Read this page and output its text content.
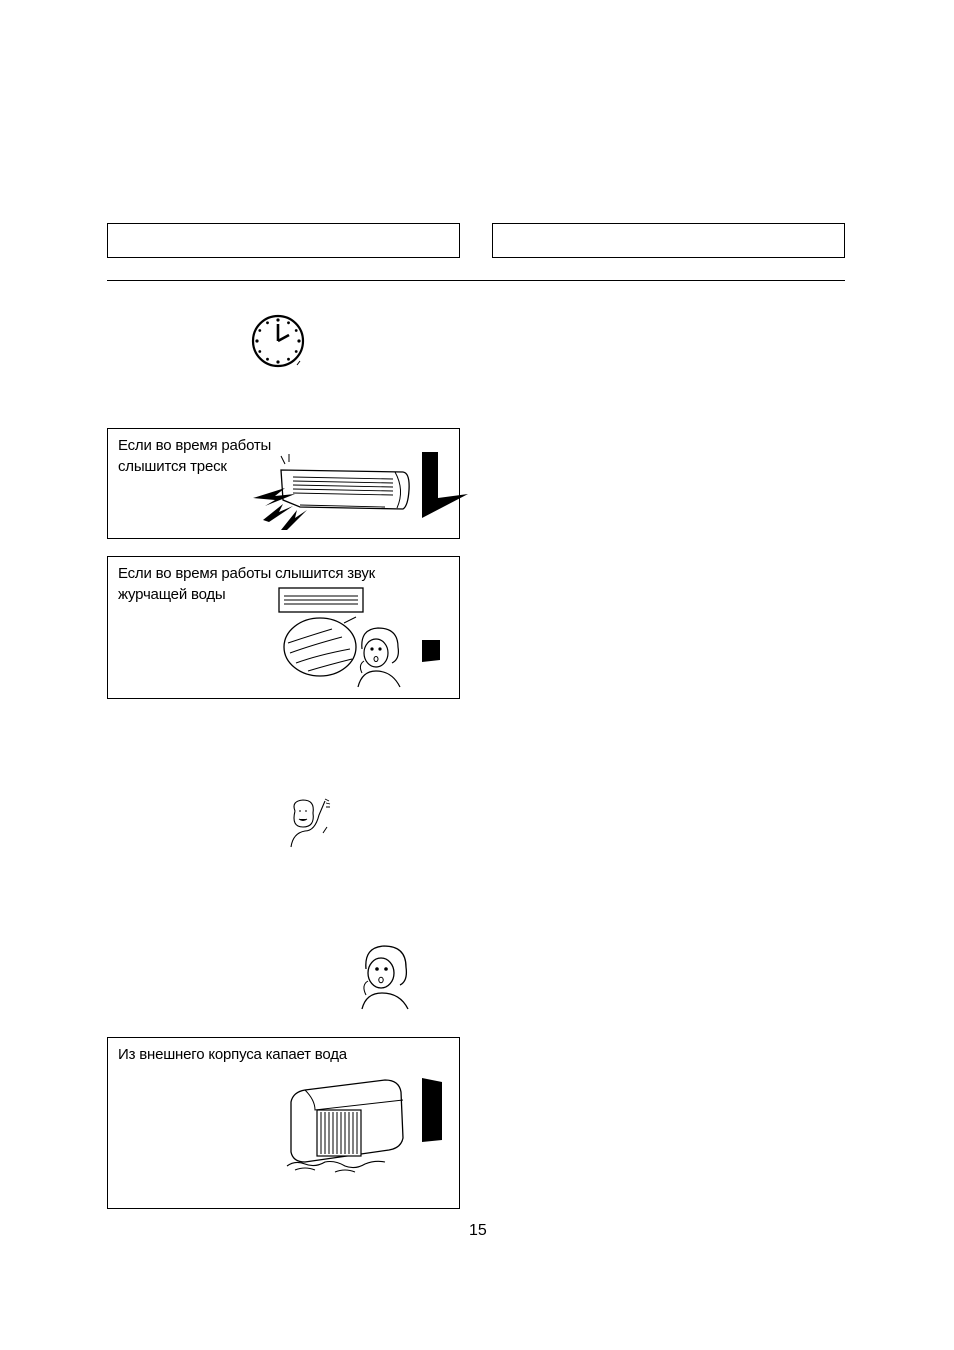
Если во время работы слышится треск
Если во время работы слышится звук журчащей воды
Из внешнего корпуса капает вода
15
